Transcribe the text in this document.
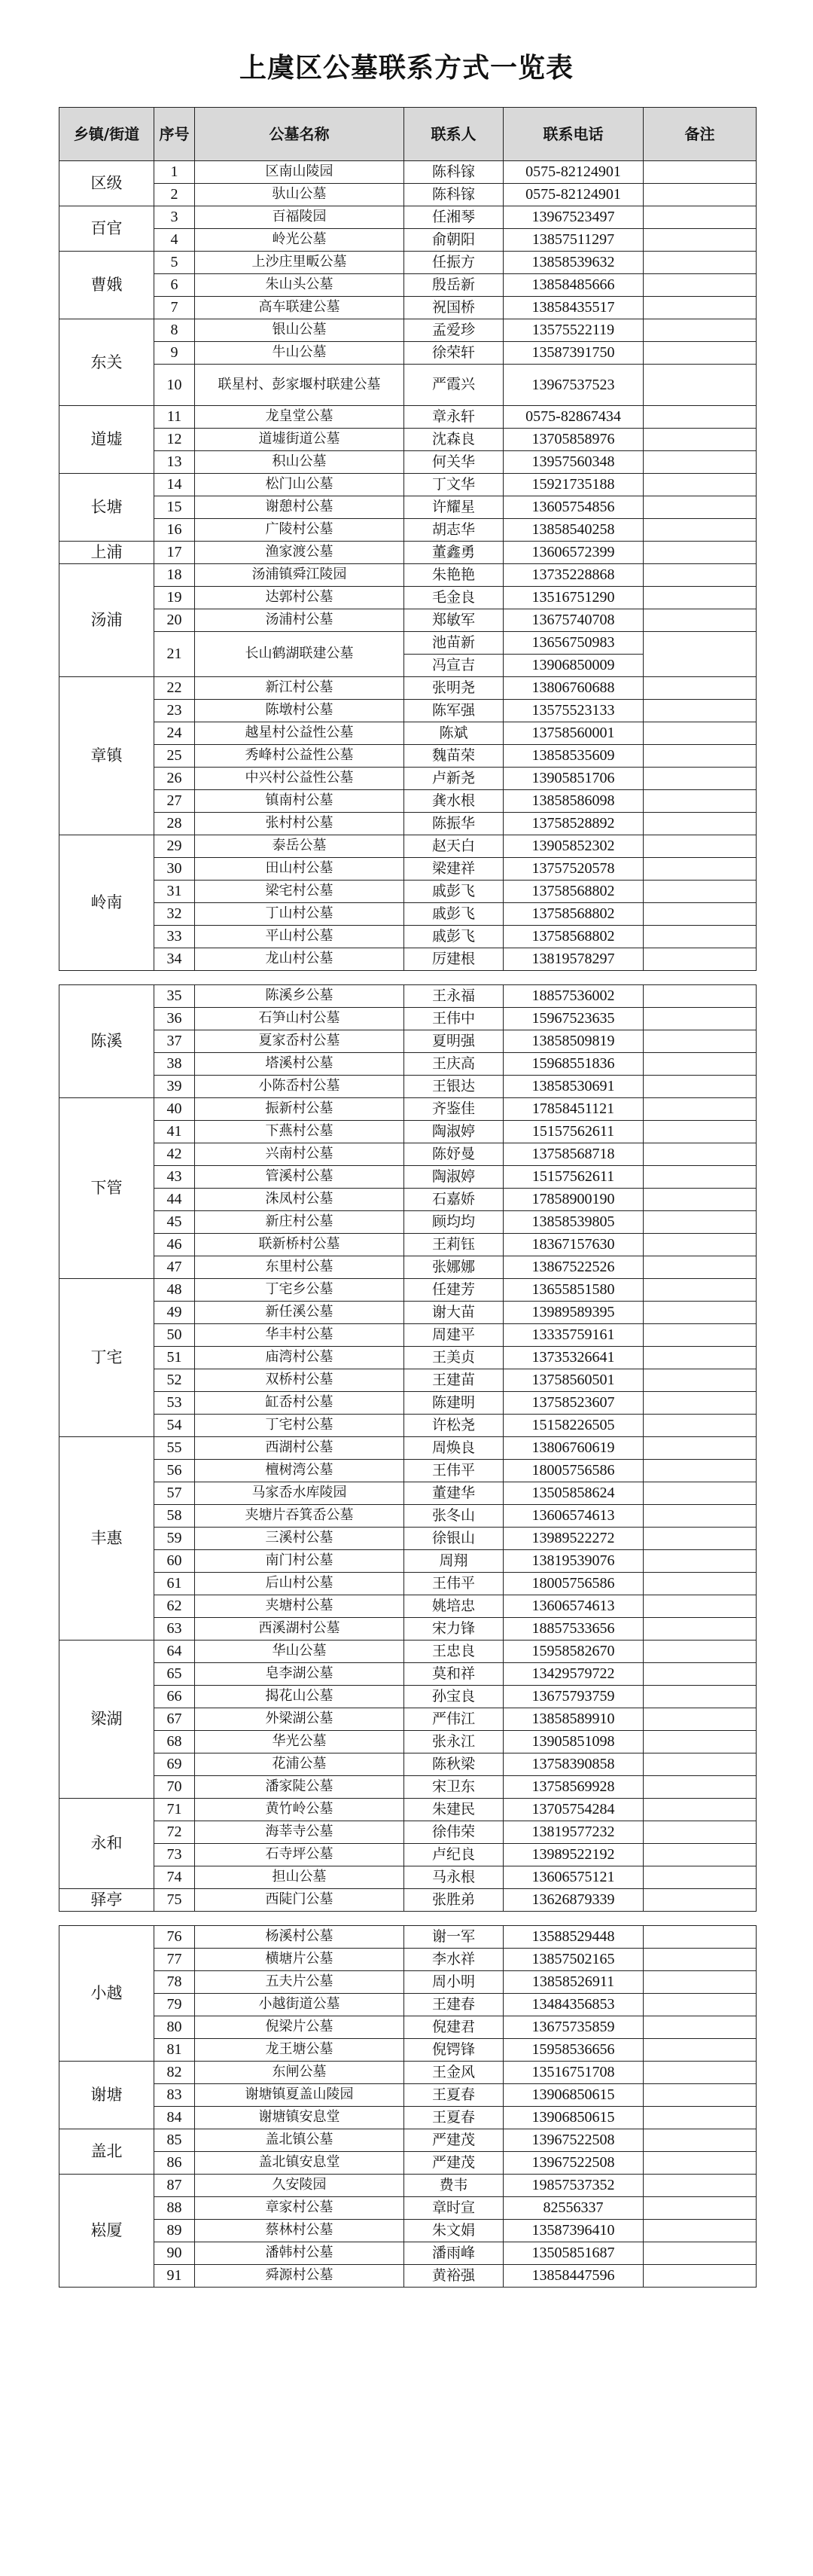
上虞区公墓联系方式一览表
乡镇/街道	序号	公墓名称	联系人	联系电话	备注
区级	1	区南山陵园	陈科镓	0575-82124901	
	2	驮山公墓	陈科镓	0575-82124901	
百官	3	百福陵园	任湘琴	13967523497	
	4	岭光公墓	俞朝阳	13857511297	
曹娥	5	上沙庄里畈公墓	任振方	13858539632	
	6	朱山头公墓	殷岳新	13858485666	
	7	高车联建公墓	祝国桥	13858435517	
东关	8	银山公墓	孟爱珍	13575522119	
	9	牛山公墓	徐荣轩	13587391750	
	10	联星村、彭家堰村联建公墓	严霞兴	13967537523	
道墟	11	龙皇堂公墓	章永轩	0575-82867434	
	12	道墟街道公墓	沈森良	13705858976	
	13	积山公墓	何关华	13957560348	
长塘	14	松门山公墓	丁文华	15921735188	
	15	谢憩村公墓	许耀星	13605754856	
	16	广陵村公墓	胡志华	13858540258	
上浦	17	渔家渡公墓	董鑫勇	13606572399	
汤浦	18	汤浦镇舜江陵园	朱艳艳	13735228868	
	19	达郭村公墓	毛金良	13516751290	
	20	汤浦村公墓	郑敏军	13675740708	
	21	长山鹤湖联建公墓	池苗新	13656750983	
			冯宣吉	13906850009	
章镇	22	新江村公墓	张明尧	13806760688	
	23	陈墩村公墓	陈军强	13575523133	
	24	越星村公益性公墓	陈斌	13758560001	
	25	秀峰村公益性公墓	魏苗荣	13858535609	
	26	中兴村公益性公墓	卢新尧	13905851706	
	27	镇南村公墓	龚水根	13858586098	
	28	张村村公墓	陈振华	13758528892	
岭南	29	泰岳公墓	赵天白	13905852302	
	30	田山村公墓	梁建祥	13757520578	
	31	梁宅村公墓	戚彭飞	13758568802	
	32	丁山村公墓	戚彭飞	13758568802	
	33	平山村公墓	戚彭飞	13758568802	
	34	龙山村公墓	厉建根	13819578297	

陈溪	35	陈溪乡公墓	王永福	18857536002	
	36	石笋山村公墓	王伟中	15967523635	
	37	夏家岙村公墓	夏明强	13858509819	
	38	塔溪村公墓	王庆高	15968551836	
	39	小陈岙村公墓	王银达	13858530691	
下管	40	振新村公墓	齐鉴佳	17858451121	
	41	下燕村公墓	陶淑婷	15157562611	
	42	兴南村公墓	陈妤曼	13758568718	
	43	管溪村公墓	陶淑婷	15157562611	
	44	洙凤村公墓	石嘉娇	17858900190	
	45	新庄村公墓	顾均均	13858539805	
	46	联新桥村公墓	王莉钰	18367157630	
	47	东里村公墓	张娜娜	13867522526	
丁宅	48	丁宅乡公墓	任建芳	13655851580	
	49	新任溪公墓	谢大苗	13989589395	
	50	华丰村公墓	周建平	13335759161	
	51	庙湾村公墓	王美贞	13735326641	
	52	双桥村公墓	王建苗	13758560501	
	53	缸岙村公墓	陈建明	13758523607	
	54	丁宅村公墓	许松尧	15158226505	
丰惠	55	西湖村公墓	周焕良	13806760619	
	56	檀树湾公墓	王伟平	18005756586	
	57	马家岙水库陵园	董建华	13505858624	
	58	夹塘片吞箕岙公墓	张冬山	13606574613	
	59	三溪村公墓	徐银山	13989522272	
	60	南门村公墓	周翔	13819539076	
	61	后山村公墓	王伟平	18005756586	
	62	夹塘村公墓	姚培忠	13606574613	
	63	西溪湖村公墓	宋力锋	18857533656	
梁湖	64	华山公墓	王忠良	15958582670	
	65	皂李湖公墓	莫和祥	13429579722	
	66	揭花山公墓	孙宝良	13675793759	
	67	外梁湖公墓	严伟江	13858589910	
	68	华光公墓	张永江	13905851098	
	69	花浦公墓	陈秋梁	13758390858	
	70	潘家陡公墓	宋卫东	13758569928	
永和	71	黄竹岭公墓	朱建民	13705754284	
	72	海莘寺公墓	徐伟荣	13819577232	
	73	石寺坪公墓	卢纪良	13989522192	
	74	担山公墓	马永根	13606575121	
驿亭	75	西陡门公墓	张胜弟	13626879339	

小越	76	杨溪村公墓	谢一军	13588529448	
	77	横塘片公墓	李水祥	13857502165	
	78	五夫片公墓	周小明	13858526911	
	79	小越街道公墓	王建春	13484356853	
	80	倪梁片公墓	倪建君	13675735859	
	81	龙王塘公墓	倪锷锋	15958536656	
谢塘	82	东闸公墓	王金风	13516751708	
	83	谢塘镇夏盖山陵园	王夏春	13906850615	
	84	谢塘镇安息堂	王夏春	13906850615	
盖北	85	盖北镇公墓	严建茂	13967522508	
	86	盖北镇安息堂	严建茂	13967522508	
崧厦	87	久安陵园	费韦	19857537352	
	88	章家村公墓	章时宣	82556337	
	89	蔡林村公墓	朱文娟	13587396410	
	90	潘韩村公墓	潘雨峰	13505851687	
	91	舜源村公墓	黄裕强	13858447596	
